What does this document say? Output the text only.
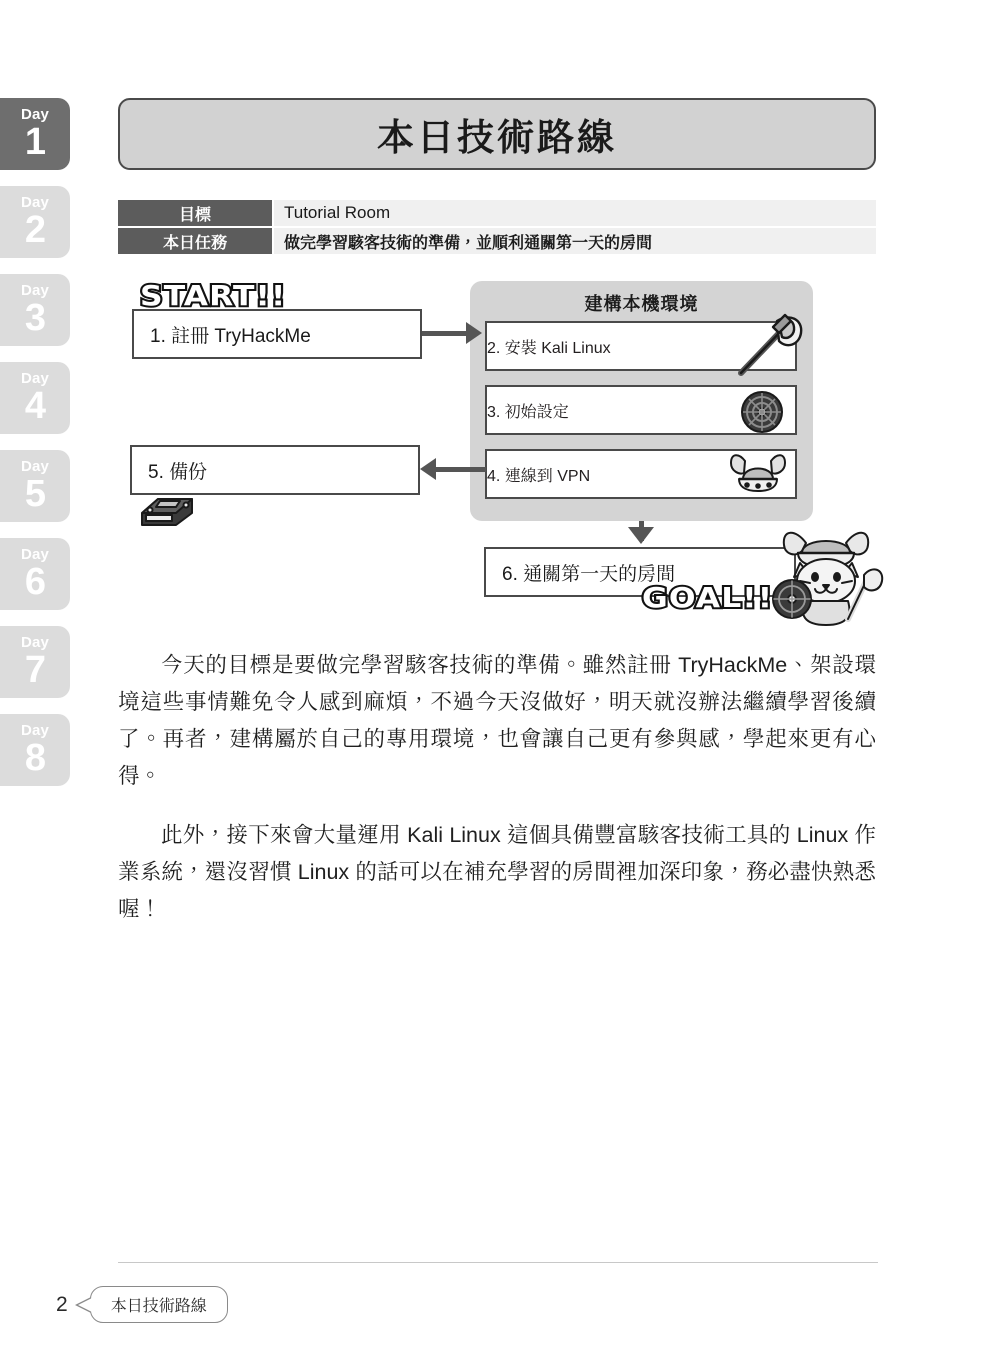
Day
1
Day
2
Day
3
Day
4
Day
5
Day
6
Day
7
Day
8
本日技術路線
目標	Tutorial Room
本日任務	做完學習駭客技術的準備，並順利通關第一天的房間
建構本機環境
2. 安裝 Kali Linux
3. 初始設定
4. 連線到 VPN
1. 註冊 TryHackMe
START!!
5. 備份
6. 通關第一天的房間
GOAL!!

今天的目標是要做完學習駭客技術的準備。雖然註冊 TryHackMe、架設環境這些事情難免令人感到麻煩，不過今天沒做好，明天就沒辦法繼續學習後續了。再者，建構屬於自己的專用環境，也會讓自己更有參與感，學起來更有心得。

此外，接下來會大量運用 Kali Linux 這個具備豐富駭客技術工具的 Linux 作業系統，還沒習慣 Linux 的話可以在補充學習的房間裡加深印象，務必盡快熟悉喔！

2	本日技術路線
